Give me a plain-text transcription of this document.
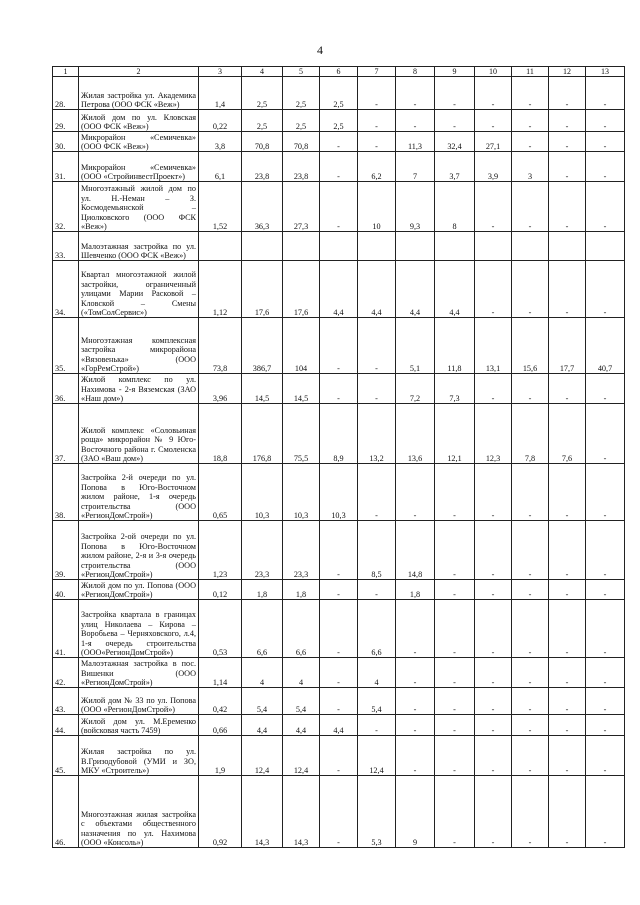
4
1	2	3	4	5	6	7	8	9	10	11	12	13
28.	Жилая застройка ул. Академика Петрова (ООО ФСК «Веж»)	1,4	2,5	2,5	2,5	-	-	-	-	-	-	-
29.	Жилой дом по ул. Кловская (ООО ФСК «Веж»)	0,22	2,5	2,5	2,5	-	-	-	-	-	-	-
30.	Микрорайон «Семичевка» (ООО ФСК «Веж»)	3,8	70,8	70,8	-	-	11,3	32,4	27,1	-	-	-
31.	Микрорайон «Семичевка» (ООО «СтройинвестПроект»)	6,1	23,8	23,8	-	6,2	7	3,7	3,9	3	-	-
32.	Многоэтажный жилой дом по ул. Н.-Неман – З. Космодемьянской – Циолковского (ООО ФСК «Веж»)	1,52	36,3	27,3	-	10	9,3	8	-	-	-	-
33.	Малоэтажная застройка по ул. Шевченко (ООО ФСК «Веж»)											
34.	Квартал многоэтажной жилой застройки, ограниченный улицами Марии Расковой – Кловской – Смены («ТомСолСервис»)	1,12	17,6	17,6	4,4	4,4	4,4	4,4	-	-	-	-
35.	Многоэтажная комплексная застройка микрорайона «Вязовенька» (ООО «ГорРемСтрой»)	73,8	386,7	104	-	-	5,1	11,8	13,1	15,6	17,7	40,7
36.	Жилой комплекс по ул. Нахимова - 2-я Вяземская (ЗАО «Наш дом»)	3,96	14,5	14,5	-	-	7,2	7,3	-	-	-	-
37.	Жилой комплекс «Соловьиная роща» микрорайон № 9 Юго-Восточного района г. Смоленска (ЗАО «Ваш дом»)	18,8	176,8	75,5	8,9	13,2	13,6	12,1	12,3	7,8	7,6	-
38.	Застройка 2-й очереди по ул. Попова в Юго-Восточном жилом районе, 1-я очередь строительства (ООО «РегионДомСтрой»)	0,65	10,3	10,3	10,3	-	-	-	-	-	-	-
39.	Застройка 2-ой очереди по ул. Попова в Юго-Восточном жилом районе, 2-я и 3-я очередь строительства (ООО «РегионДомСтрой»)	1,23	23,3	23,3	-	8,5	14,8	-	-	-	-	-
40.	Жилой дом по ул. Попова (ООО «РегионДомСтрой»)	0,12	1,8	1,8	-	-	1,8	-	-	-	-	-
41.	Застройка квартала в границах улиц Николаева – Кирова – Воробьева – Черняховского, л.4, 1-я очередь строительства (ООО«РегионДомСтрой»)	0,53	6,6	6,6	-	6,6	-	-	-	-	-	-
42.	Малоэтажная застройка в пос. Вишенки (ООО «РегионДомСтрой»)	1,14	4	4	-	4	-	-	-	-	-	-
43.	Жилой дом № 33 по ул. Попова (ООО «РегионДомСтрой»)	0,42	5,4	5,4	-	5,4	-	-	-	-	-	-
44.	Жилой дом ул. М.Еременко (войсковая часть 7459)	0,66	4,4	4,4	4,4	-	-	-	-	-	-	-
45.	Жилая застройка по ул. В.Гризодубовой (УМИ и ЗО, МКУ «Строитель»)	1,9	12,4	12,4	-	12,4	-	-	-	-	-	-
46.	Многоэтажная жилая застройка с объектами общественного назначения по ул. Нахимова (ООО «Консоль»)	0,92	14,3	14,3	-	5,3	9	-	-	-	-	-
